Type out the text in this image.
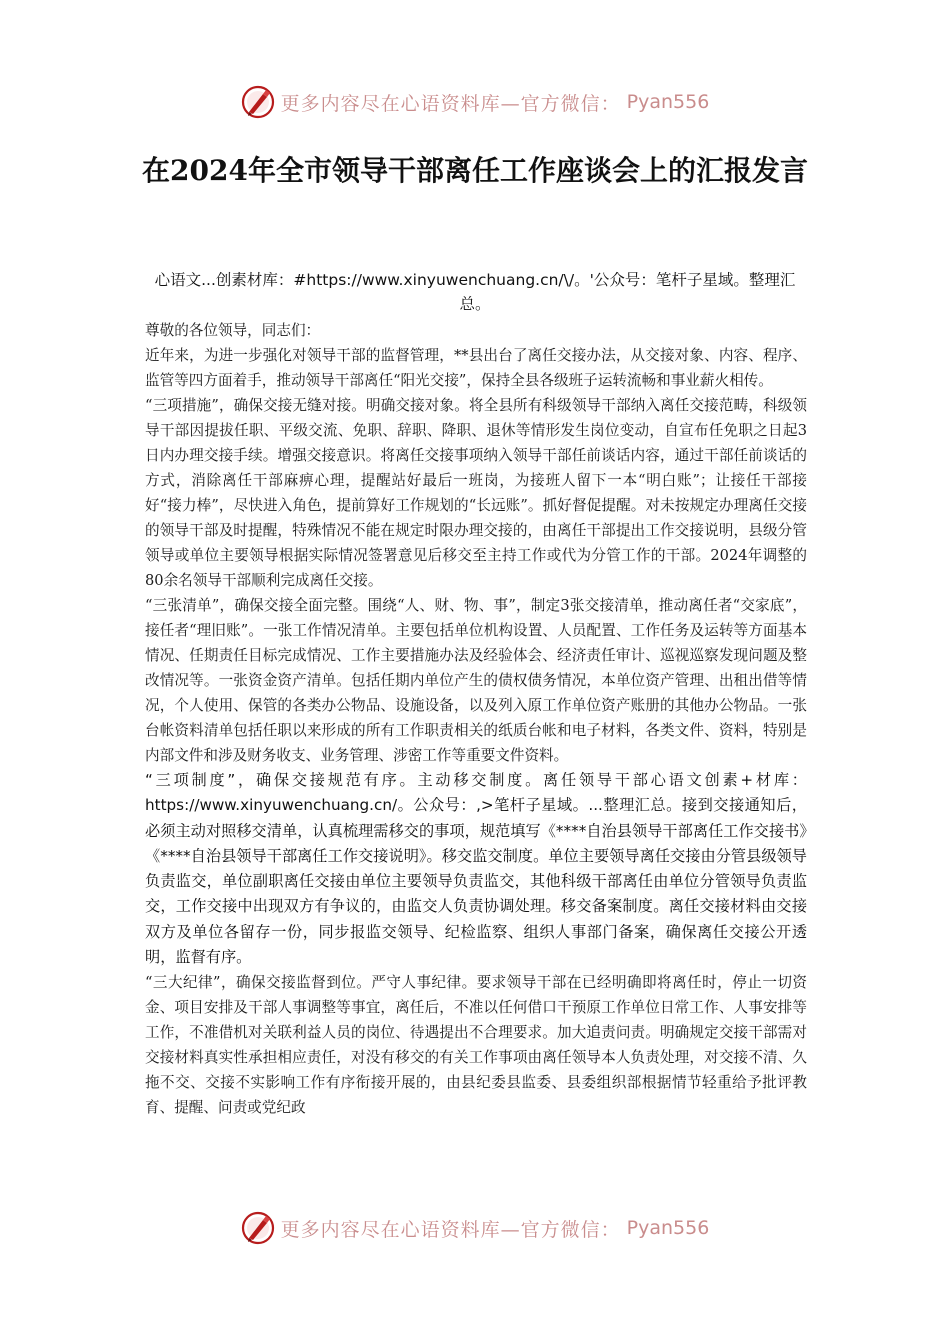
更多内容尽在心语资料库—官方微信： Pyan556
在2024年全市领导干部离任工作座谈会上的汇报发言

心语文...创素材库：#https://www.xinyuwenchuang.cn/\/。'公众号：笔杆子星域。整理汇总。

尊敬的各位领导，同志们：

近年来，为进一步强化对领导干部的监督管理，**县出台了离任交接办法，从交接对象、内容、程序、监管等四方面着手，推动领导干部离任“阳光交接”，保持全县各级班子运转流畅和事业薪火相传。

“三项措施”，确保交接无缝对接。明确交接对象。将全县所有科级领导干部纳入离任交接范畴，科级领导干部因提拔任职、平级交流、免职、辞职、降职、退休等情形发生岗位变动，自宣布任免职之日起3日内办理交接手续。增强交接意识。将离任交接事项纳入领导干部任前谈话内容，通过干部任前谈话的方式，消除离任干部麻痹心理，提醒站好最后一班岗，为接班人留下一本“明白账”；让接任干部接好“接力棒”，尽快进入角色，提前算好工作规划的“长远账”。抓好督促提醒。对未按规定办理离任交接的领导干部及时提醒，特殊情况不能在规定时限办理交接的，由离任干部提出工作交接说明，县级分管领导或单位主要领导根据实际情况签署意见后移交至主持工作或代为分管工作的干部。2024年调整的80余名领导干部顺利完成离任交接。

“三张清单”，确保交接全面完整。围绕“人、财、物、事”，制定3张交接清单，推动离任者“交家底”，接任者“理旧账”。一张工作情况清单。主要包括单位机构设置、人员配置、工作任务及运转等方面基本情况、任期责任目标完成情况、工作主要措施办法及经验体会、经济责任审计、巡视巡察发现问题及整改情况等。一张资金资产清单。包括任期内单位产生的债权债务情况，本单位资产管理、出租出借等情况，个人使用、保管的各类办公物品、设施设备，以及列入原工作单位资产账册的其他办公物品。一张台帐资料清单包括任职以来形成的所有工作职责相关的纸质台帐和电子材料，各类文件、资料，特别是内部文件和涉及财务收支、业务管理、涉密工作等重要文件资料。

“三项制度”，确保交接规范有序。主动移交制度。离任领导干部心语文创素+材库：https://www.xinyuwenchuang.cn/。公众号：,>笔杆子星域。...整理汇总。接到交接通知后，必须主动对照移交清单，认真梳理需移交的事项，规范填写《****自治县领导干部离任工作交接书》《****自治县领导干部离任工作交接说明》。移交监交制度。单位主要领导离任交接由分管县级领导负责监交，单位副职离任交接由单位主要领导负责监交，其他科级干部离任由单位分管领导负责监交，工作交接中出现双方有争议的，由监交人负责协调处理。移交备案制度。离任交接材料由交接双方及单位各留存一份，同步报监交领导、纪检监察、组织人事部门备案，确保离任交接公开透明，监督有序。

“三大纪律”，确保交接监督到位。严守人事纪律。要求领导干部在已经明确即将离任时，停止一切资金、项目安排及干部人事调整等事宜，离任后，不准以任何借口干预原工作单位日常工作、人事安排等工作，不准借机对关联利益人员的岗位、待遇提出不合理要求。加大追责问责。明确规定交接干部需对交接材料真实性承担相应责任，对没有移交的有关工作事项由离任领导本人负责处理，对交接不清、久拖不交、交接不实影响工作有序衔接开展的，由县纪委县监委、县委组织部根据情节轻重给予批评教育、提醒、问责或党纪政

更多内容尽在心语资料库—官方微信： Pyan556
